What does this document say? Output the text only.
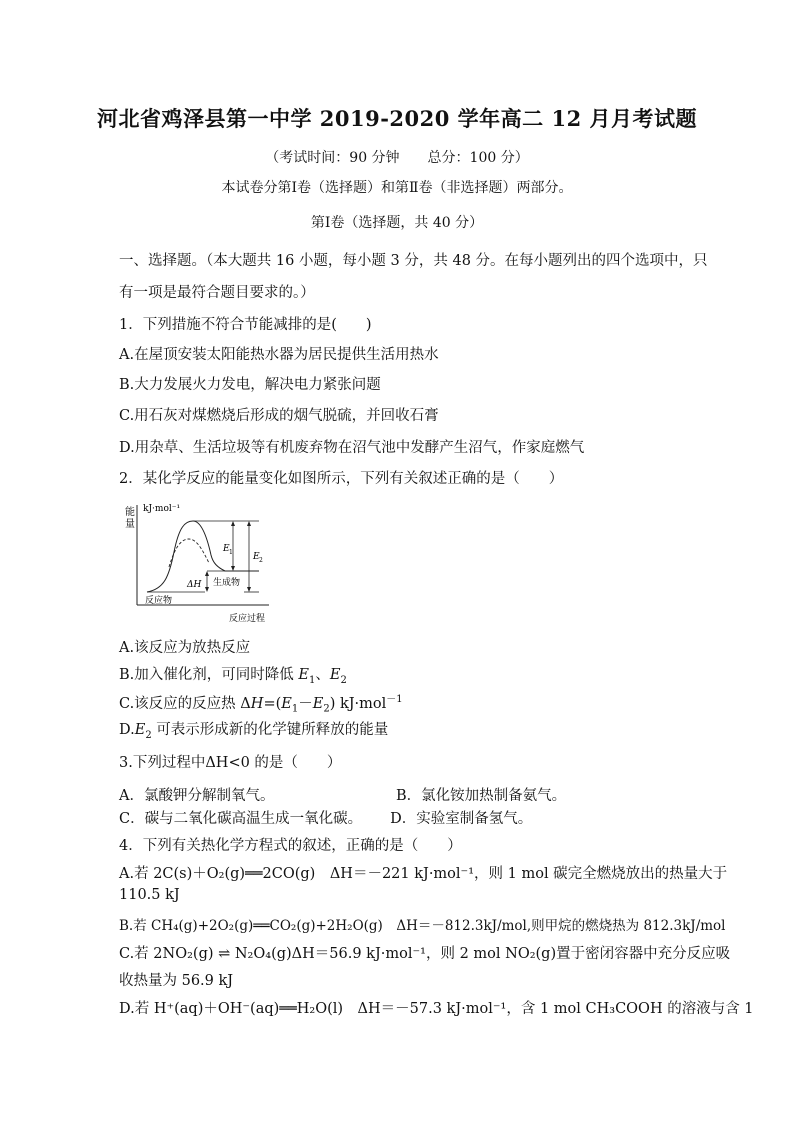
河北省鸡泽县第一中学 2019-2020 学年高二 12 月月考试题
（考试时间：90 分钟　　总分：100 分）
本试卷分第Ⅰ卷（选择题）和第Ⅱ卷（非选择题）两部分。
第Ⅰ卷（选择题，共 40 分）
一、选择题。（本大题共 16 小题，每小题 3 分，共 48 分。在每小题列出的四个选项中，只
有一项是最符合题目要求的。）
1．下列措施不符合节能减排的是(　　)
A.在屋顶安装太阳能热水器为居民提供生活用热水
B.大力发展火力发电，解决电力紧张问题
C.用石灰对煤燃烧后形成的烟气脱硫，并回收石膏
D.用杂草、生活垃圾等有机废弃物在沼气池中发酵产生沼气，作家庭燃气
2．某化学反应的能量变化如图所示，下列有关叙述正确的是（　　）
能
量
kJ·mol⁻¹
E 1 E 2
ΔH 生成物
反应物
反应过程
A.该反应为放热反应
B.加入催化剂，可同时降低 $E_1$、$E_2$
C.该反应的反应热 $\Delta H=(E_1-E_2)$ kJ·mol$^{-1}$
$D.E_2$ 可表示形成新的化学键所释放的能量
3.下列过程中ΔH<0 的是（　　）
A．氯酸钾分解制氧气。	B．氯化铵加热制备氨气。
C．碳与二氧化碳高温生成一氧化碳。 D．实验室制备氢气。
4．下列有关热化学方程式的叙述，正确的是（　　）
A.若 2C(s)＋O₂(g)══2CO(g)　ΔH＝－221 kJ·mol⁻¹，则 1 mol 碳完全燃烧放出的热量大于
110.5 kJ
B.若 CH₄(g)+2O₂(g)══CO₂(g)+2H₂O(g)　ΔH＝－812.3kJ/mol,则甲烷的燃烧热为 812.3kJ/mol
C.若 2NO₂(g) ⇌ N₂O₄(g)ΔH＝56.9 kJ·mol⁻¹，则 2 mol NO₂(g)置于密闭容器中充分反应吸
收热量为 56.9 kJ
D.若 H⁺(aq)＋OH⁻(aq)══H₂O(l)　ΔH＝－57.3 kJ·mol⁻¹，含 1 mol CH₃COOH 的溶液与含 1
